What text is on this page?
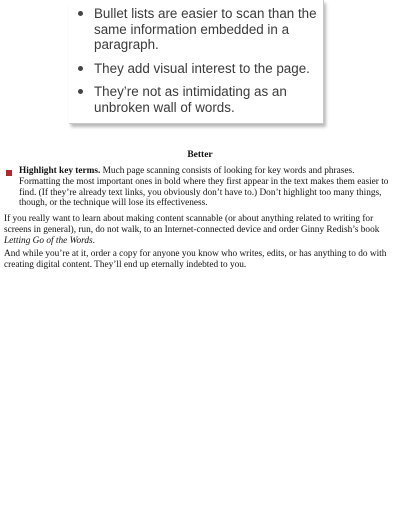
Bullet lists are easier to scan than the same information embedded in a paragraph.
They add visual interest to the page.
They’re not as intimidating as an unbroken wall of words.
Better
Highlight key terms. Much page scanning consists of looking for key words and phrases. Formatting the most important ones in bold where they first appear in the text makes them easier to find. (If they’re already text links, you obviously don’t have to.) Don’t highlight too many things, though, or the technique will lose its effectiveness.
If you really want to learn about making content scannable (or about anything related to writing for screens in general), run, do not walk, to an Internet-connected device and order Ginny Redish’s book Letting Go of the Words.
And while you’re at it, order a copy for anyone you know who writes, edits, or has anything to do with creating digital content. They’ll end up eternally indebted to you.
